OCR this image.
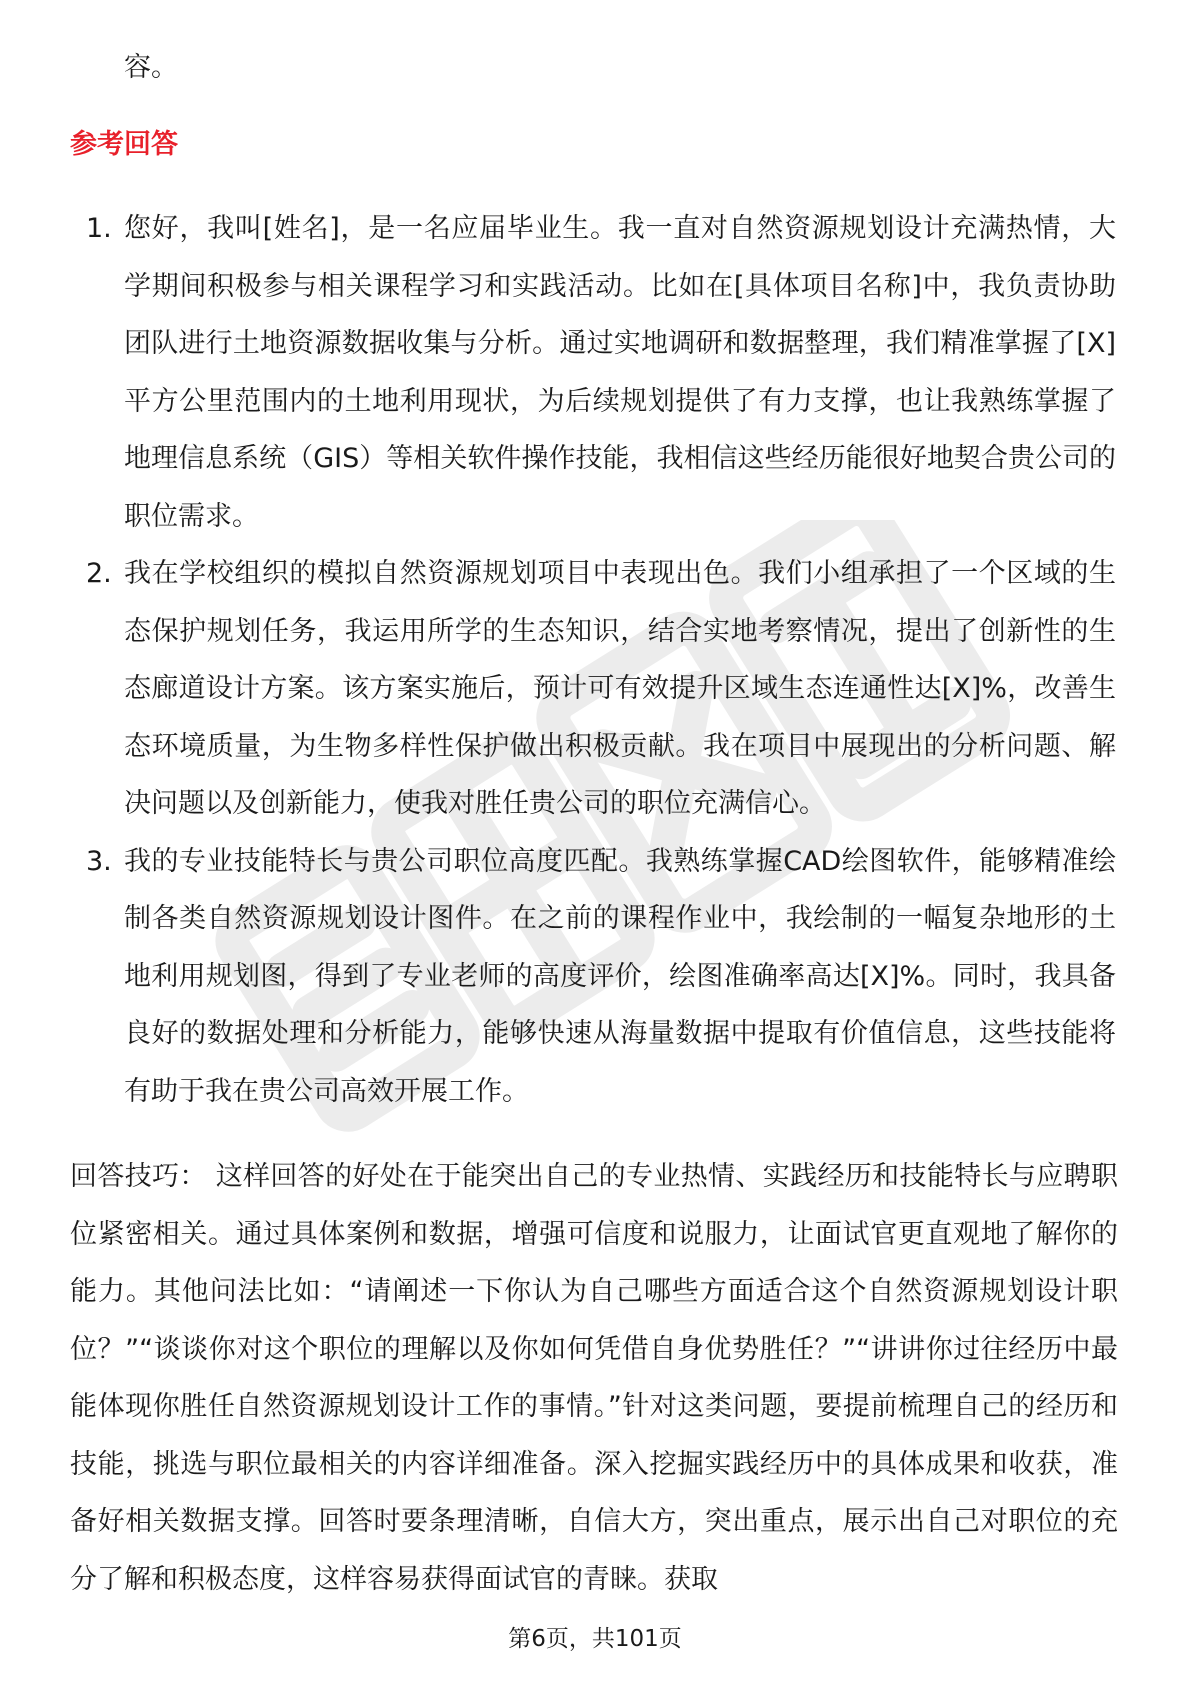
容。

参考回答
1. 您好，我叫[姓名]，是一名应届毕业生。我一直对自然资源规划设计充满热情，大学期间积极参与相关课程学习和实践活动。比如在[具体项目名称]中，我负责协助团队进行土地资源数据收集与分析。通过实地调研和数据整理，我们精准掌握了[X]平方公里范围内的土地利用现状，为后续规划提供了有力支撑，也让我熟练掌握了地理信息系统（GIS）等相关软件操作技能，我相信这些经历能很好地契合贵公司的职位需求。
2. 我在学校组织的模拟自然资源规划项目中表现出色。我们小组承担了一个区域的生态保护规划任务，我运用所学的生态知识，结合实地考察情况，提出了创新性的生态廊道设计方案。该方案实施后，预计可有效提升区域生态连通性达[X]%，改善生态环境质量，为生物多样性保护做出积极贡献。我在项目中展现出的分析问题、解决问题以及创新能力，使我对胜任贵公司的职位充满信心。
3. 我的专业技能特长与贵公司职位高度匹配。我熟练掌握CAD绘图软件，能够精准绘制各类自然资源规划设计图件。在之前的课程作业中，我绘制的一幅复杂地形的土地利用规划图，得到了专业老师的高度评价，绘图准确率高达[X]%。同时，我具备良好的数据处理和分析能力，能够快速从海量数据中提取有价值信息，这些技能将有助于我在贵公司高效开展工作。

回答技巧： 这样回答的好处在于能突出自己的专业热情、实践经历和技能特长与应聘职位紧密相关。通过具体案例和数据，增强可信度和说服力，让面试官更直观地了解你的能力。其他问法比如：“请阐述一下你认为自己哪些方面适合这个自然资源规划设计职位？”“谈谈你对这个职位的理解以及你如何凭借自身优势胜任？”“讲讲你过往经历中最能体现你胜任自然资源规划设计工作的事情。”针对这类问题，要提前梳理自己的经历和技能，挑选与职位最相关的内容详细准备。深入挖掘实践经历中的具体成果和收获，准备好相关数据支撑。回答时要条理清晰，自信大方，突出重点，展示出自己对职位的充分了解和积极态度，这样容易获得面试官的青睐。获取

第6页，共101页
